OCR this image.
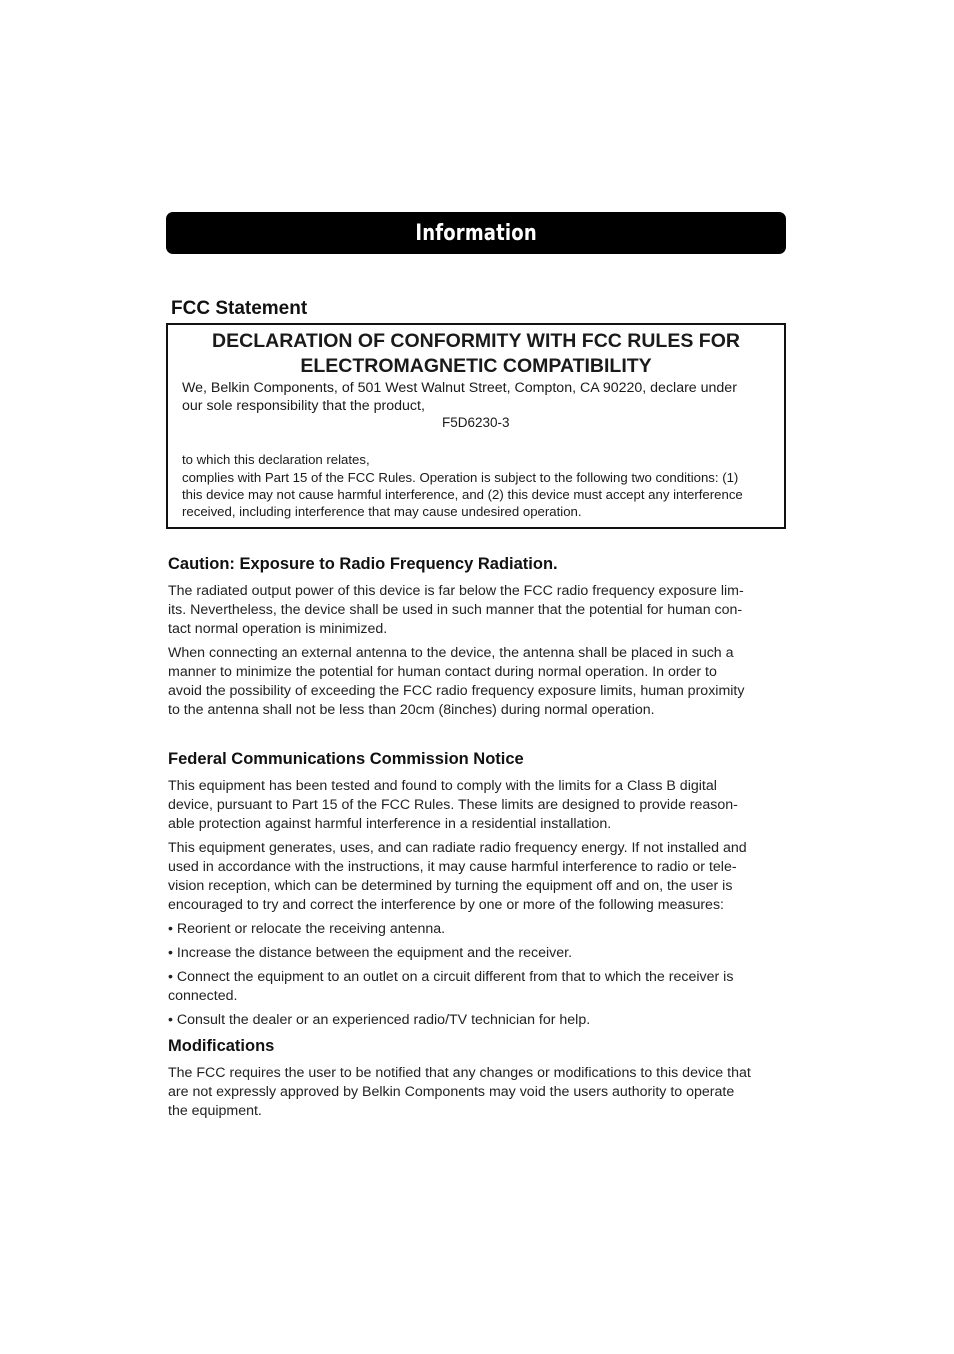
Information
FCC Statement
DECLARATION OF CONFORMITY WITH FCC RULES FOR
ELECTROMAGNETIC COMPATIBILITY

We, Belkin Components, of 501 West Walnut Street, Compton, CA 90220, declare under

our sole responsibility that the product,

F5D6230-3

to which this declaration relates,

complies with Part 15 of the FCC Rules. Operation is subject to the following two conditions: (1)

this device may not cause harmful interference, and (2) this device must accept any interference

received, including interference that may cause undesired operation.

Caution: Exposure to Radio Frequency Radiation.

The radiated output power of this device is far below the FCC radio frequency exposure lim-
its. Nevertheless, the device shall be used in such manner that the potential for human con-
tact normal operation is minimized.

When connecting an external antenna to the device, the antenna shall be placed in such a
manner to minimize the potential for human contact during normal operation. In order to
avoid the possibility of exceeding the FCC radio frequency exposure limits, human proximity
to the antenna shall not be less than 20cm (8inches) during normal operation.

Federal Communications Commission Notice

This equipment has been tested and found to comply with the limits for a Class B digital
device, pursuant to Part 15 of the FCC Rules. These limits are designed to provide reason-
able protection against harmful interference in a residential installation.

This equipment generates, uses, and can radiate radio frequency energy. If not installed and
used in accordance with the instructions, it may cause harmful interference to radio or tele-
vision reception, which can be determined by turning the equipment off and on, the user is
encouraged to try and correct the interference by one or more of the following measures:

• Reorient or relocate the receiving antenna.

• Increase the distance between the equipment and the receiver.

• Connect the equipment to an outlet on a circuit different from that to which the receiver is
connected.

• Consult the dealer or an experienced radio/TV technician for help.

Modifications

The FCC requires the user to be notified that any changes or modifications to this device that
are not expressly approved by Belkin Components may void the users authority to operate
the equipment.
